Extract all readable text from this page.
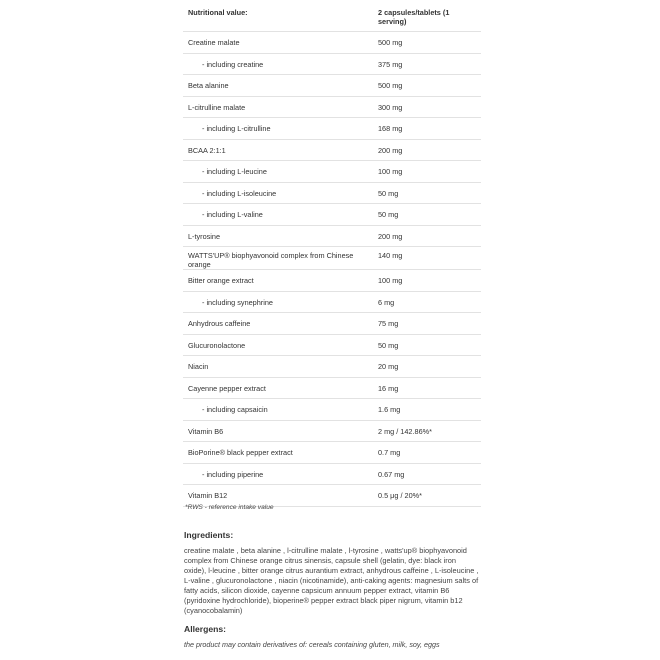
Nutritional value:	2 capsules/tablets (1 serving)
Creatine malate	500 mg
- including creatine	375 mg
Beta alanine	500 mg
L-citrulline malate	300 mg
- including L-citrulline	168 mg
BCAA 2:1:1	200 mg
- including L-leucine	100 mg
- including L-isoleucine	50 mg
- including L-valine	50 mg
L-tyrosine	200 mg
WATTS'UP® biophyavonoid complex from Chinese orange	140 mg
Bitter orange extract	100 mg
- including synephrine	6 mg
Anhydrous caffeine	75 mg
Glucuronolactone	50 mg
Niacin	20 mg
Cayenne pepper extract	16 mg
- including capsaicin	1.6 mg
Vitamin B6	2 mg / 142.86%*
BioPorine® black pepper extract	0.7 mg
- including piperine	0.67 mg
Vitamin B12	0.5 μg / 20%*
*RWS - reference intake value
Ingredients:
creatine malate , beta alanine , l-citrulline malate , l-tyrosine , watts'up® biophyavonoid complex from Chinese orange citrus sinensis, capsule shell (gelatin, dye: black iron oxide), l-leucine , bitter orange citrus aurantium extract, anhydrous caffeine , L-isoleucine , L-valine , glucuronolactone , niacin (nicotinamide), anti-caking agents: magnesium salts of fatty acids, silicon dioxide, cayenne capsicum annuum pepper extract, vitamin B6 (pyridoxine hydrochloride), bioperine® pepper extract black piper nigrum, vitamin b12 (cyanocobalamin)
Allergens:
the product may contain derivatives of: cereals containing gluten, milk, soy, eggs
